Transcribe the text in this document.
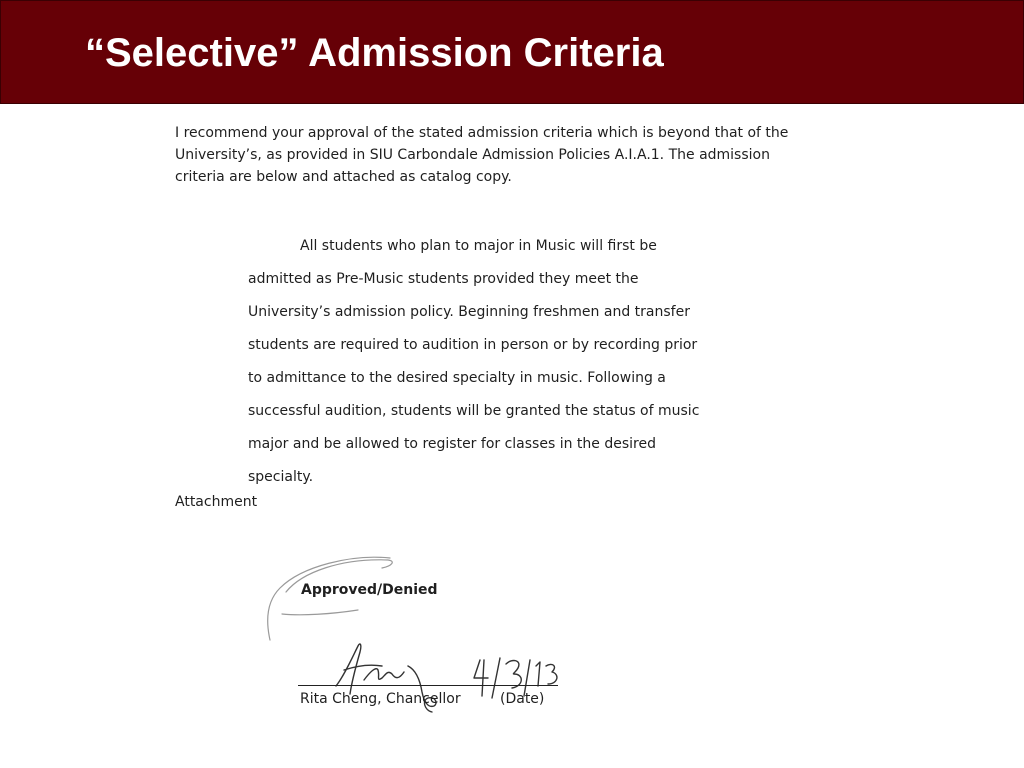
“Selective” Admission Criteria
I recommend your approval of the stated admission criteria which is beyond that of the
University’s, as provided in SIU Carbondale Admission Policies A.I.A.1. The admission
criteria are below and attached as catalog copy.
All students who plan to major in Music will first be
admitted as Pre-Music students provided they meet the
University’s admission policy. Beginning freshmen and transfer
students are required to audition in person or by recording prior
to admittance to the desired specialty in music. Following a
successful audition, students will be granted the status of music
major and be allowed to register for classes in the desired
specialty.
Attachment
Approved/Denied
Rita Cheng, Chancellor	(Date)
